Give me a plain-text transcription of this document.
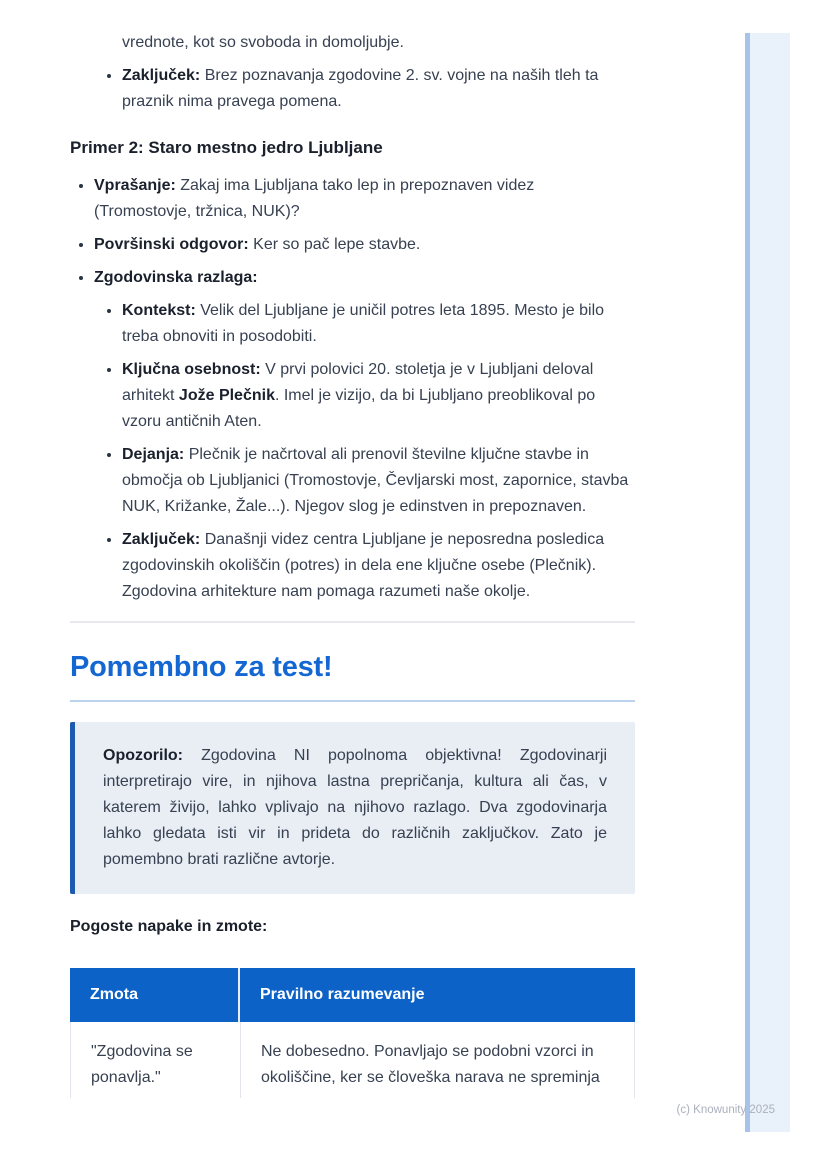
vrednote, kot so svoboda in domoljubje.

• Zaključek: Brez poznavanja zgodovine 2. sv. vojne na naših tleh ta praznik nima pravega pomena.

Primer 2: Staro mestno jedro Ljubljane

• Vprašanje: Zakaj ima Ljubljana tako lep in prepoznaven videz (Tromostovje, tržnica, NUK)?
• Površinski odgovor: Ker so pač lepe stavbe.
• Zgodovinska razlaga:
• Kontekst: Velik del Ljubljane je uničil potres leta 1895. Mesto je bilo treba obnoviti in posodobiti.
• Ključna osebnost: V prvi polovici 20. stoletja je v Ljubljani deloval arhitekt Jože Plečnik. Imel je vizijo, da bi Ljubljano preoblikoval po vzoru antičnih Aten.
• Dejanja: Plečnik je načrtoval ali prenovil številne ključne stavbe in območja ob Ljubljanici (Tromostovje, Čevljarski most, zapornice, stavba NUK, Križanke, Žale...). Njegov slog je edinstven in prepoznaven.
• Zaključek: Današnji videz centra Ljubljane je neposredna posledica zgodovinskih okoliščin (potres) in dela ene ključne osebe (Plečnik). Zgodovina arhitekture nam pomaga razumeti naše okolje.
Pomembno za test!
Opozorilo: Zgodovina NI popolnoma objektivna! Zgodovinarji interpretirajo vire, in njihova lastna prepričanja, kultura ali čas, v katerem živijo, lahko vplivajo na njihovo razlago. Dva zgodovinarja lahko gledata isti vir in prideta do različnih zaključkov. Zato je pomembno brati različne avtorje.

Pogoste napake in zmote:

Zmota	Pravilno razumevanje
"Zgodovina se ponavlja."
Ne dobesedno. Ponavljajo se podobni vzorci in okoliščine, ker se človeška narava ne spreminja
(c) Knowunity 2025
